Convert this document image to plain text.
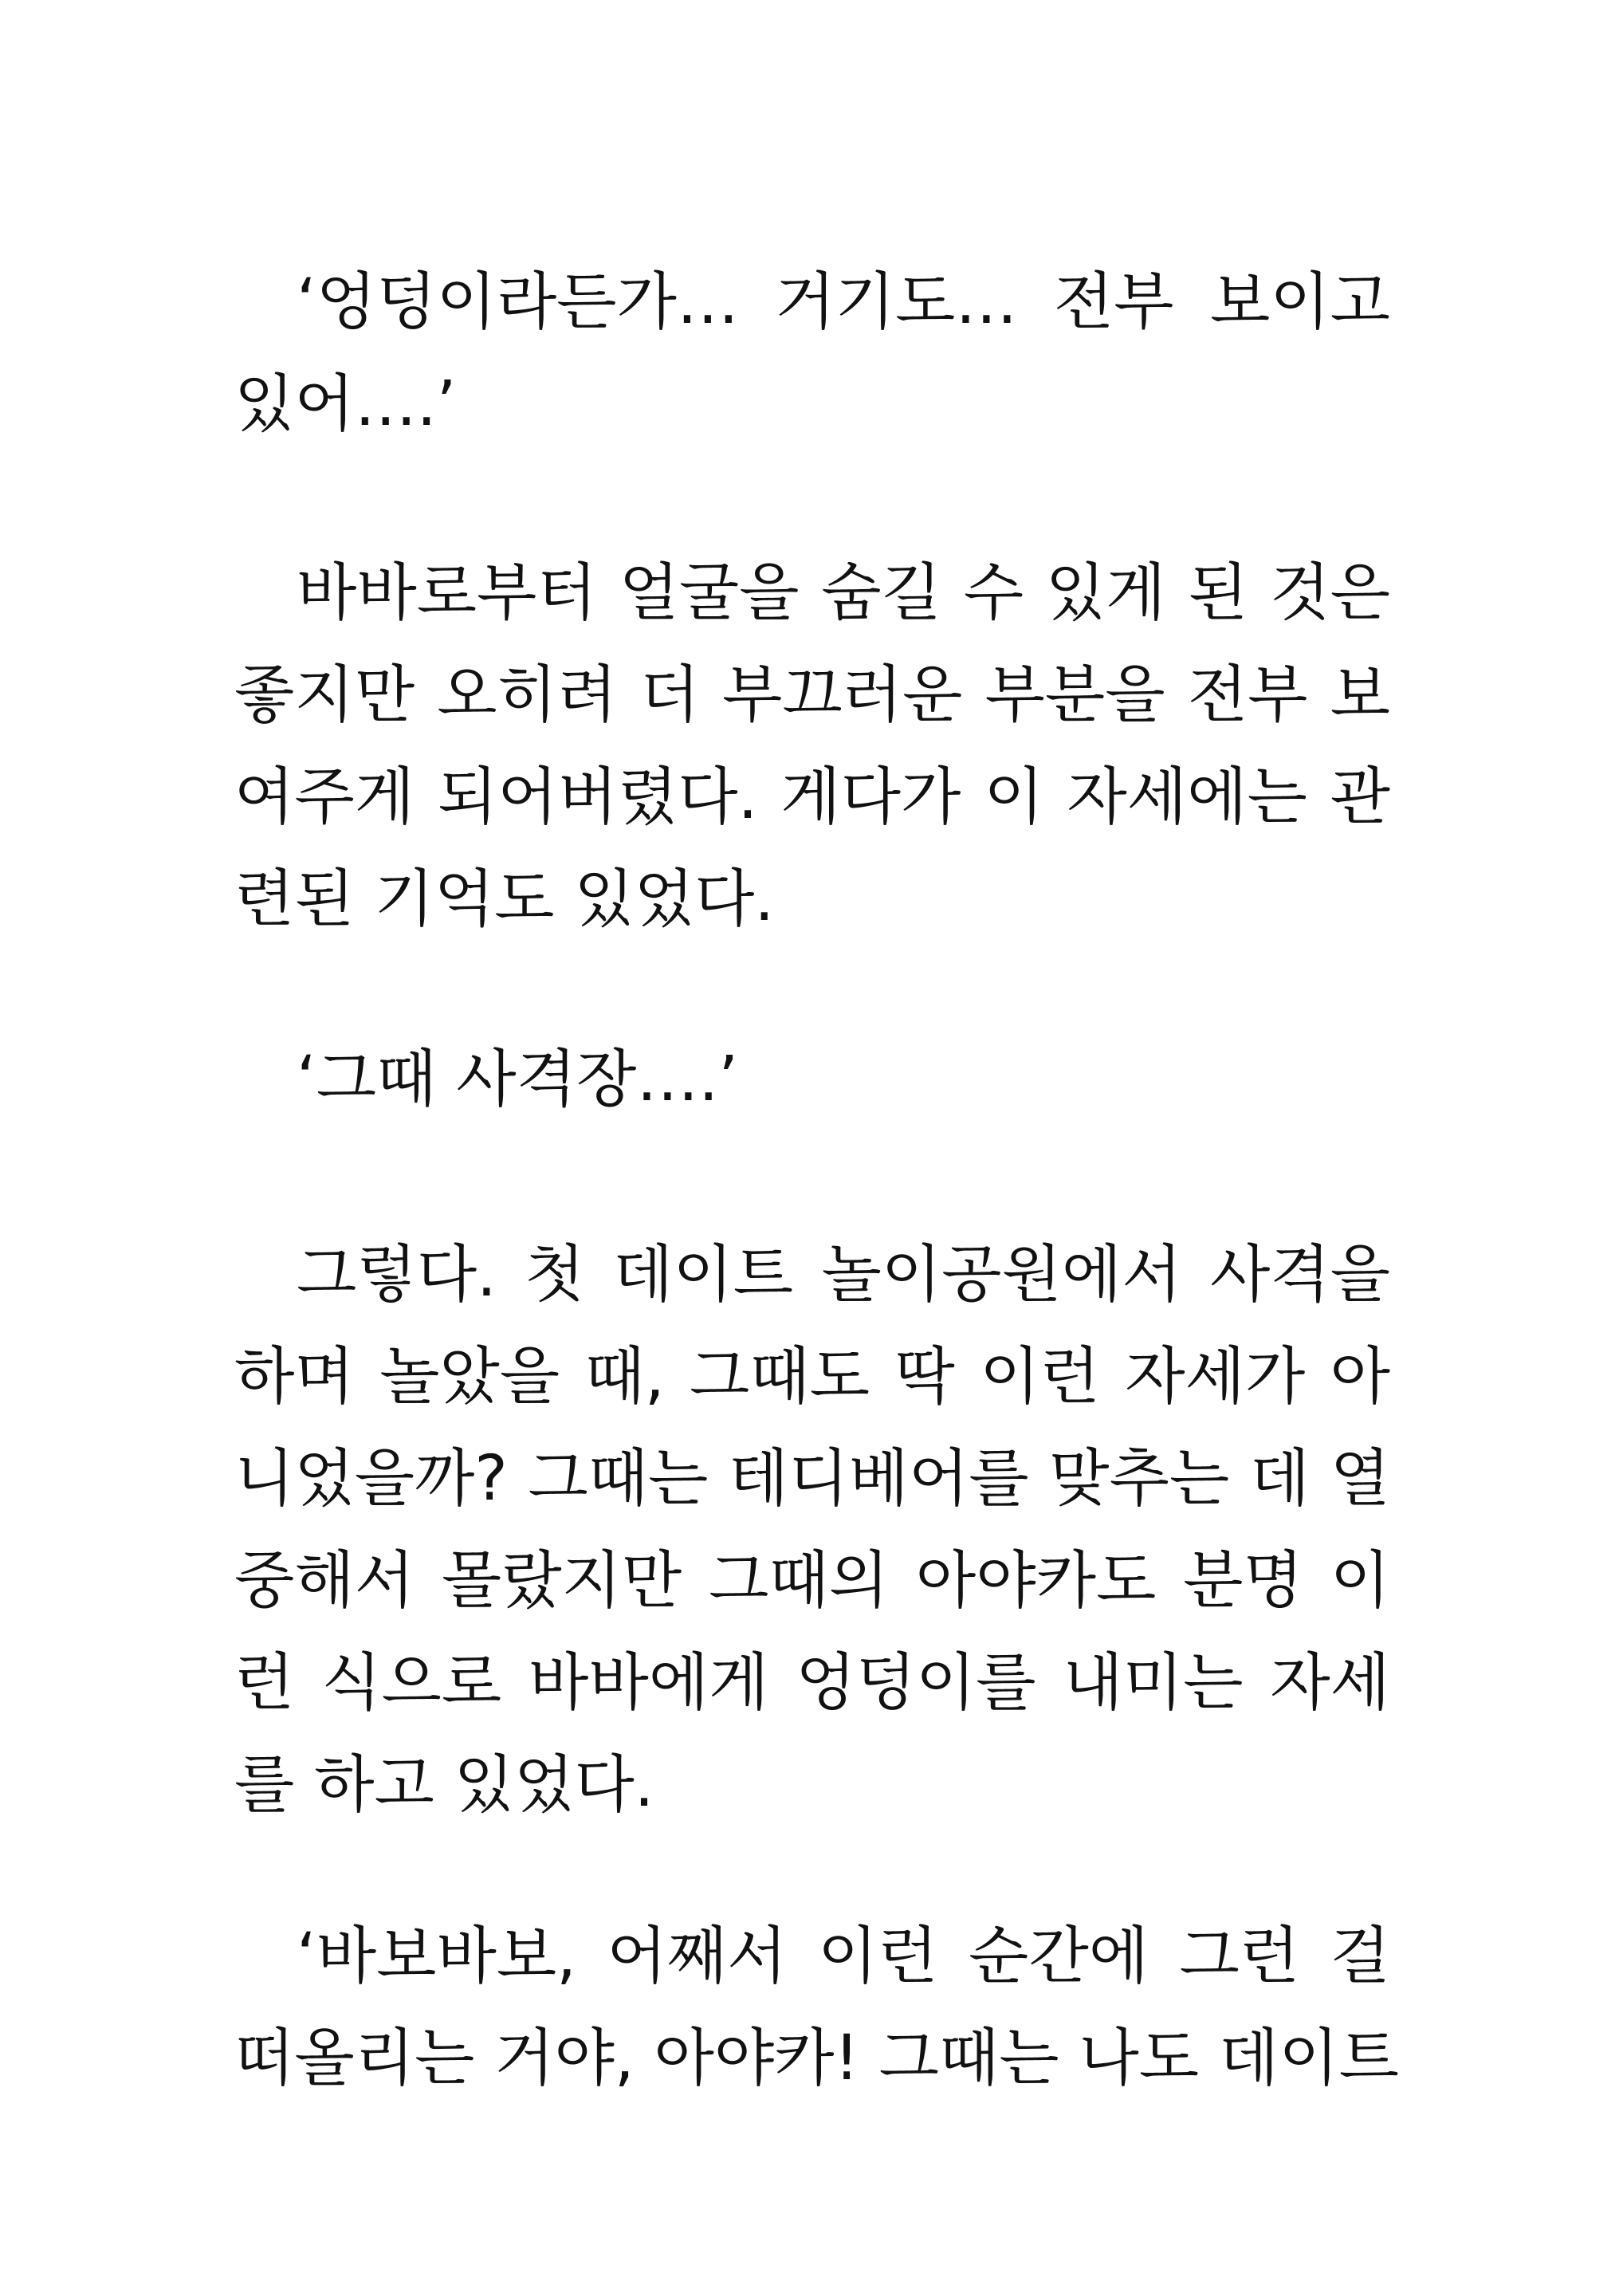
‘엉덩이라든가… 거기도… 전부 보이고
있어….’
바바로부터 얼굴을 숨길 수 있게 된 것은
좋지만 오히려 더 부끄러운 부분을 전부 보
여주게 되어버렸다. 게다가 이 자세에는 관
련된 기억도 있었다.
‘그때 사격장….’
그렇다. 첫 데이트 놀이공원에서 사격을
하며 놀았을 때, 그때도 딱 이런 자세가 아
니었을까? 그때는 테디베어를 맞추는 데 열
중해서 몰랐지만 그때의 아야카도 분명 이
런 식으로 바바에게 엉덩이를 내미는 자세
를 하고 있었다.
‘바보바보, 어째서 이런 순간에 그런 걸
떠올리는 거야, 아야카! 그때는 나도 데이트
